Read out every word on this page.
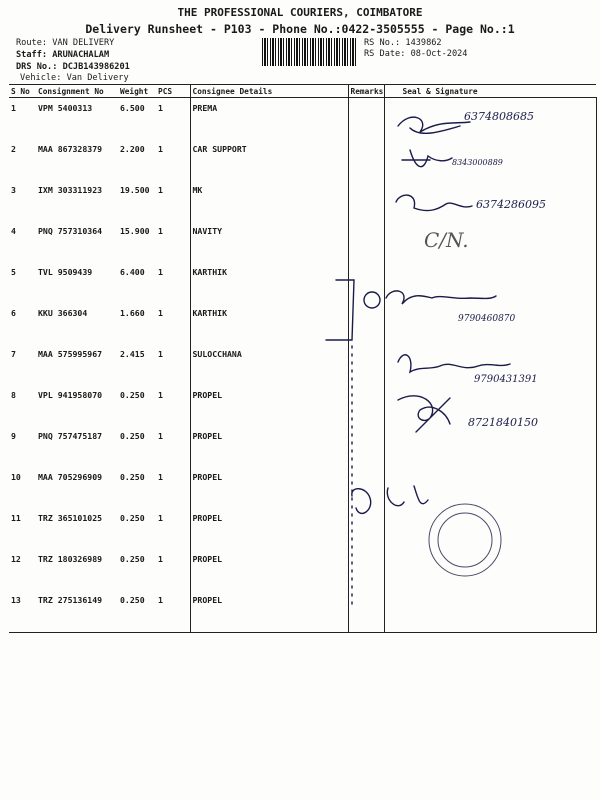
THE PROFESSIONAL COURIERS, COIMBATORE
Delivery Runsheet - P103 - Phone No.:0422-3505555 - Page No.:1
Route: VAN DELIVERY
Staff: ARUNACHALAM
DRS No.: DCJB143986201
Vehicle: Van Delivery
RS No.: 1439862
RS Date: 08-Oct-2024
S No	Consignment No	Weight	PCS	Consignee Details	Remarks	Seal & Signature
1	VPM 5400313	6.500	1	PREMA		
2	MAA 867328379	2.200	1	CAR SUPPORT		
3	IXM 303311923	19.500	1	MK		
4	PNQ 757310364	15.900	1	NAVITY		
5	TVL 9509439	6.400	1	KARTHIK		
6	KKU 366304	1.660	1	KARTHIK		
7	MAA 575995967	2.415	1	SULOCCHANA		
8	VPL 941958070	0.250	1	PROPEL		
9	PNQ 757475187	0.250	1	PROPEL		
10	MAA 705296909	0.250	1	PROPEL		
11	TRZ 365101025	0.250	1	PROPEL		
12	TRZ 180326989	0.250	1	PROPEL		
13	TRZ 275136149	0.250	1	PROPEL		
6374808685
8343000889
6374286095
C/N.
9790460870
9790431391
8721840150
